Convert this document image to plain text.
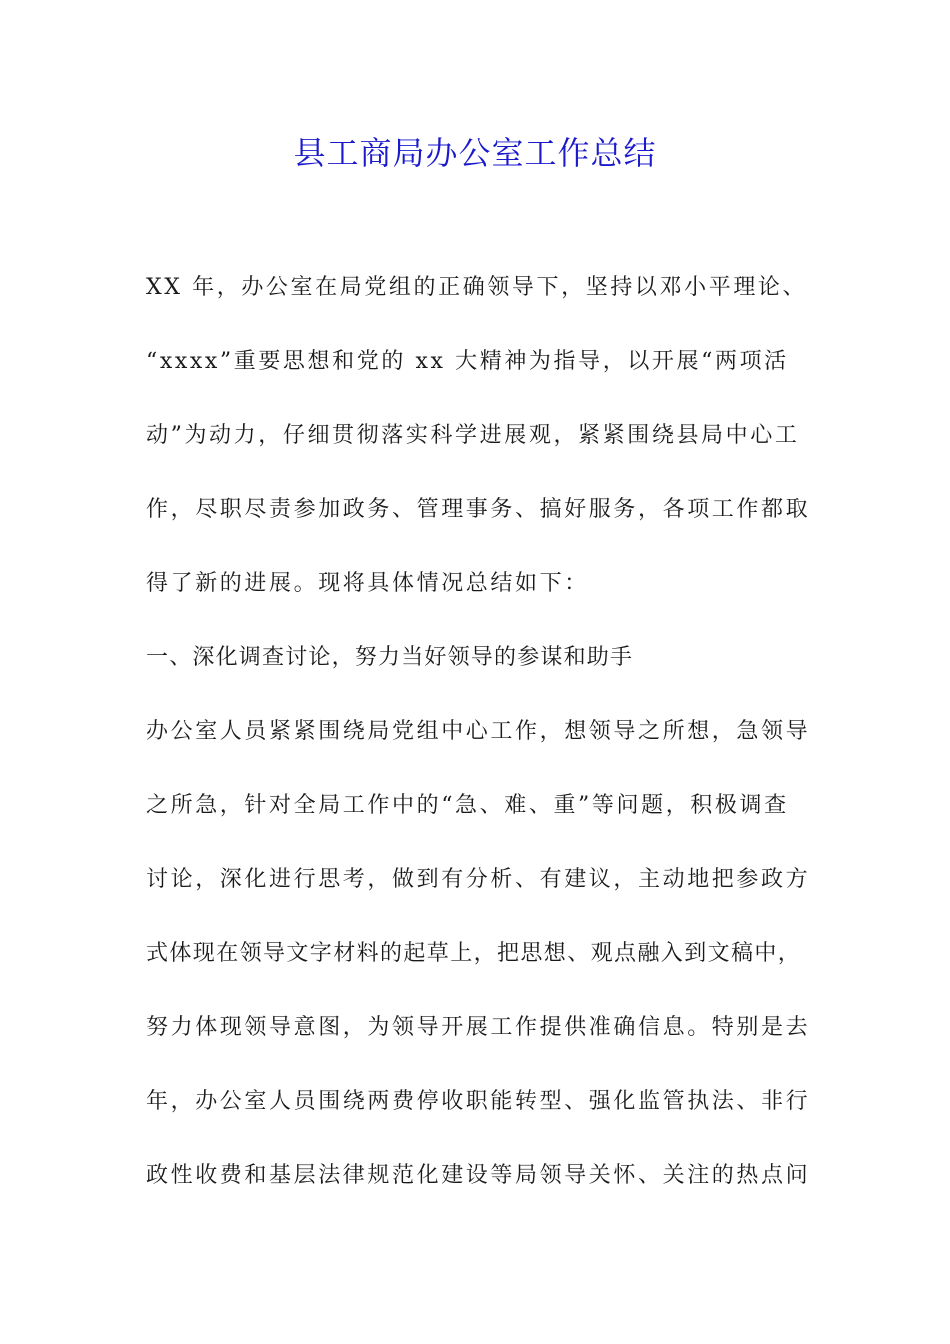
县工商局办公室工作总结
XX 年，办公室在局党组的正确领导下，坚持以邓小平理论、
“xxxx”重要思想和党的 xx 大精神为指导，以开展“两项活
动”为动力，仔细贯彻落实科学进展观，紧紧围绕县局中心工
作，尽职尽责参加政务、管理事务、搞好服务，各项工作都取
得了新的进展。现将具体情况总结如下：
一、深化调查讨论，努力当好领导的参谋和助手
办公室人员紧紧围绕局党组中心工作，想领导之所想，急领导
之所急，针对全局工作中的“急、难、重”等问题，积极调查
讨论，深化进行思考，做到有分析、有建议，主动地把参政方
式体现在领导文字材料的起草上，把思想、观点融入到文稿中，
努力体现领导意图，为领导开展工作提供准确信息。特别是去
年，办公室人员围绕两费停收职能转型、强化监管执法、非行
政性收费和基层法律规范化建设等局领导关怀、关注的热点问
